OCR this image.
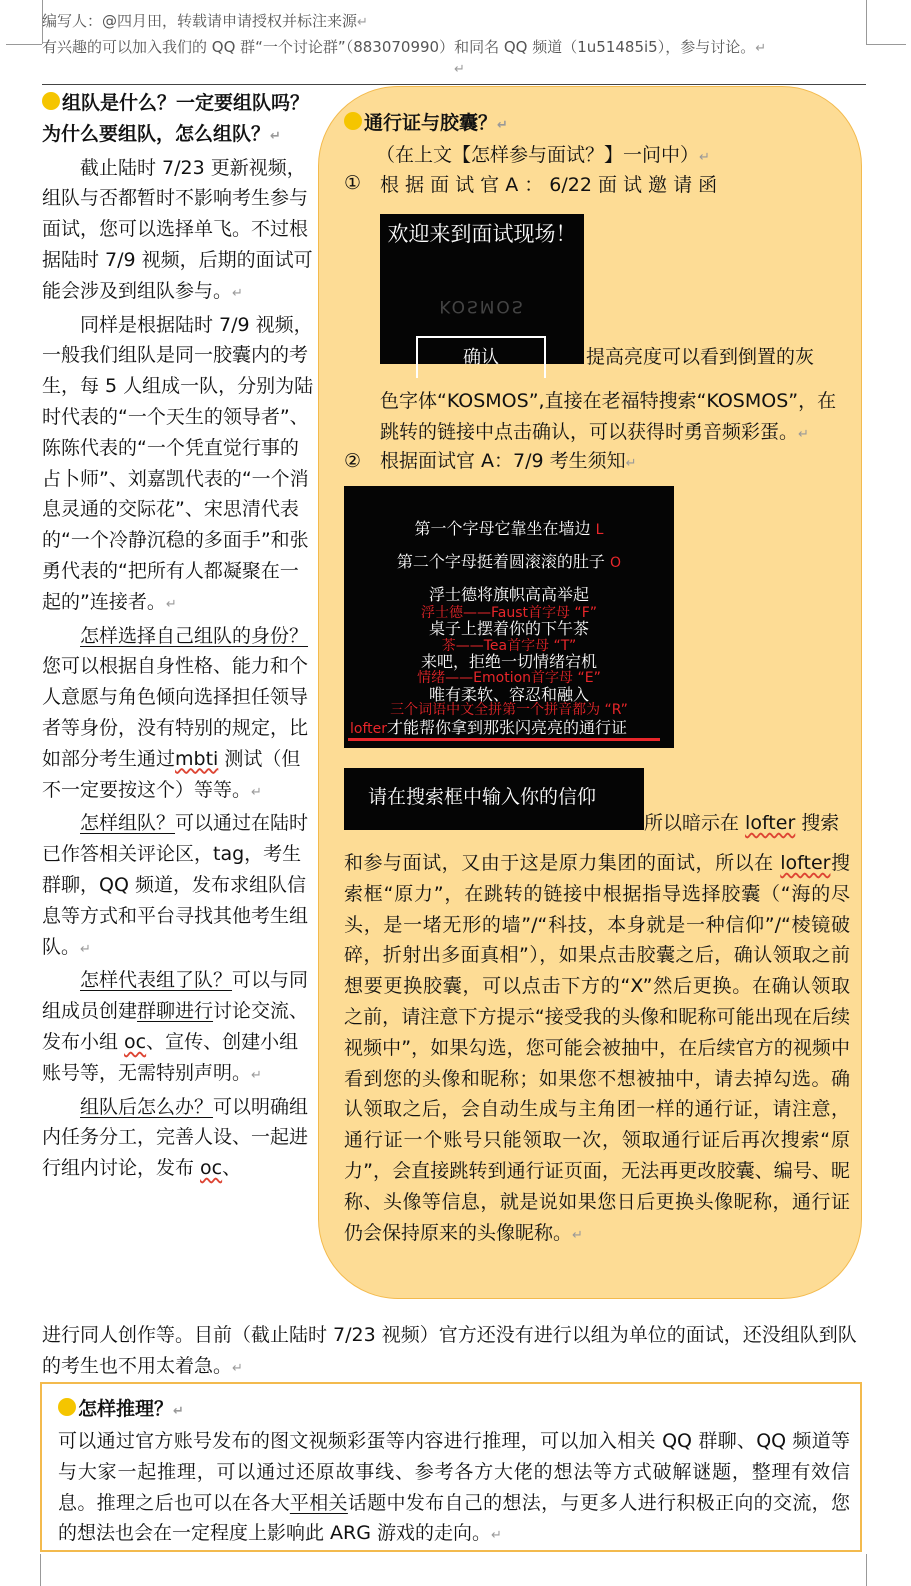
编写人：@四月田，转载请申请授权并标注来源↵
有兴趣的可以加入我们的 QQ 群“一个讨论群”（883070990）和同名 QQ 频道（1u51485i5），参与讨论。↵
↵

组队是什么？一定要组队吗？为什么要组队，怎么组队？↵

截止陆时 7/23 更新视频，组队与否都暂时不影响考生参与面试，您可以选择单飞。不过根据陆时 7/9 视频，后期的面试可能会涉及到组队参与。↵

同样是根据陆时 7/9 视频，一般我们组队是同一胶囊内的考生，每 5 人组成一队，分别为陆时代表的“一个天生的领导者”、陈陈代表的“一个凭直觉行事的占卜师”、刘嘉凯代表的“一个消息灵通的交际花”、宋思清代表的“一个冷静沉稳的多面手”和张勇代表的“把所有人都凝聚在一起的”连接者。↵

怎样选择自己组队的身份？您可以根据自身性格、能力和个人意愿与角色倾向选择担任领导者等身份，没有特别的规定，比如部分考生通过mbti 测试（但不一定要按这个）等等。↵

怎样组队？可以通过在陆时已作答相关评论区，tag，考生群聊，QQ 频道，发布求组队信息等方式和平台寻找其他考生组队。↵

怎样代表组了队？可以与同组成员创建群聊进行讨论交流、发布小组 oc、宣传、创建小组账号等，无需特别声明。↵

组队后怎么办？可以明确组内任务分工，完善人设、一起进行组内讨论，发布 oc、

进行同人创作等。目前（截止陆时 7/23 视频）官方还没有进行以组为单位的面试，还没组队到队的考生也不用太着急。↵
通行证与胶囊？↵
（在上文【怎样参与面试？】一问中）↵
① 根 据 面 试 官 A ： 6/22 面 试 邀 请 函
欢迎来到面试现场！
KOSMOS
确认	提高亮度可以看到倒置的灰
色字体“KOSMOS”,直接在老福特搜索“KOSMOS”，在跳转的链接中点击确认，可以获得时勇音频彩蛋。↵
② 根据面试官 A：7/9 考生须知↵
第一个字母它靠坐在墙边 L
第二个字母挺着圆滚滚的肚子 O
浮士德将旗帜高高举起
浮士德——Faust首字母 “F”
桌子上摆着你的下午茶
茶——Tea首字母 “T”
来吧，拒绝一切情绪宕机
情绪——Emotion首字母 “E”
唯有柔软、容忍和融入
三个词语中文全拼第一个拼音都为 “R”
lofter才能帮你拿到那张闪亮亮的通行证
请在搜索框中输入你的信仰
所以暗示在 lofter 搜索
和参与面试，又由于这是原力集团的面试，所以在 lofter搜索框“原力”，在跳转的链接中根据指导选择胶囊（“海的尽头，是一堵无形的墙”/“科技，本身就是一种信仰”/“棱镜破碎，折射出多面真相”），如果点击胶囊之后，确认领取之前想要更换胶囊，可以点击下方的“X”然后更换。在确认领取之前，请注意下方提示“接受我的头像和昵称可能出现在后续视频中”，如果勾选，您可能会被抽中，在后续官方的视频中看到您的头像和昵称；如果您不想被抽中，请去掉勾选。确认领取之后，会自动生成与主角团一样的通行证，请注意，通行证一个账号只能领取一次，领取通行证后再次搜索“原力”，会直接跳转到通行证页面，无法再更改胶囊、编号、昵称、头像等信息，就是说如果您日后更换头像昵称，通行证仍会保持原来的头像昵称。↵
怎样推理？↵
可以通过官方账号发布的图文视频彩蛋等内容进行推理，可以加入相关 QQ 群聊、QQ 频道等与大家一起推理，可以通过还原故事线、参考各方大佬的想法等方式破解谜题，整理有效信息。推理之后也可以在各大平相关话题中发布自己的想法，与更多人进行积极正向的交流，您的想法也会在一定程度上影响此 ARG 游戏的走向。↵
